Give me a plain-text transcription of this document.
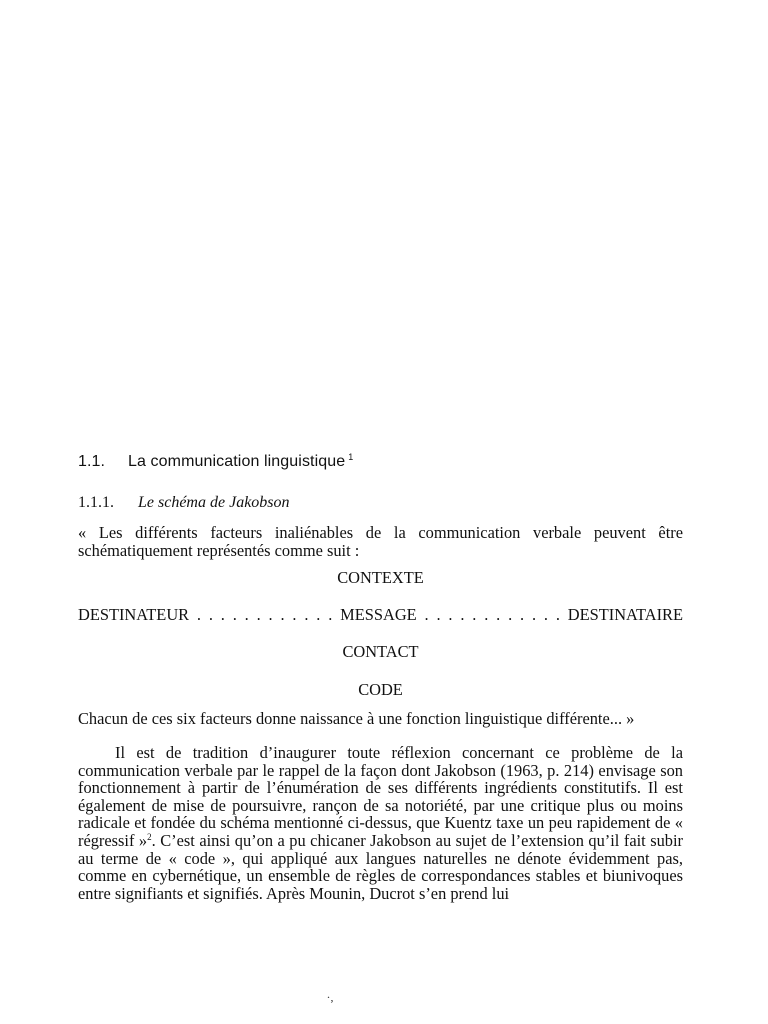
1.1. La communication linguistique $^1$
1.1.1. Le schéma de Jakobson
« Les différents facteurs inaliénables de la communication verbale peuvent être schématiquement représentés comme suit :
CONTEXTE
DESTINATEUR . . . . . . . . . . . . MESSAGE . . . . . . . . . . . . DESTINATAIRE
CONTACT
CODE
Chacun de ces six facteurs donne naissance à une fonction linguistique différente... »
Il est de tradition d’inaugurer toute réflexion concernant ce problème de la communication verbale par le rappel de la façon dont Jakobson (1963, p. 214) envisage son fonctionnement à partir de l’énumération de ses différents ingrédients constitutifs. Il est également de mise de poursuivre, rançon de sa notoriété, par une critique plus ou moins radicale et fondée du schéma mentionné ci-dessus, que Kuentz taxe un peu rapidement de « régressif »$^2$. C’est ainsi qu’on a pu chicaner Jakobson au sujet de l’extension qu’il fait subir au terme de « code », qui appliqué aux langues naturelles ne dénote évidemment pas, comme en cybernétique, un ensemble de règles de correspondances stables et biunivoques entre signifiants et signifiés. Après Mounin, Ducrot s’en prend lui
·,
